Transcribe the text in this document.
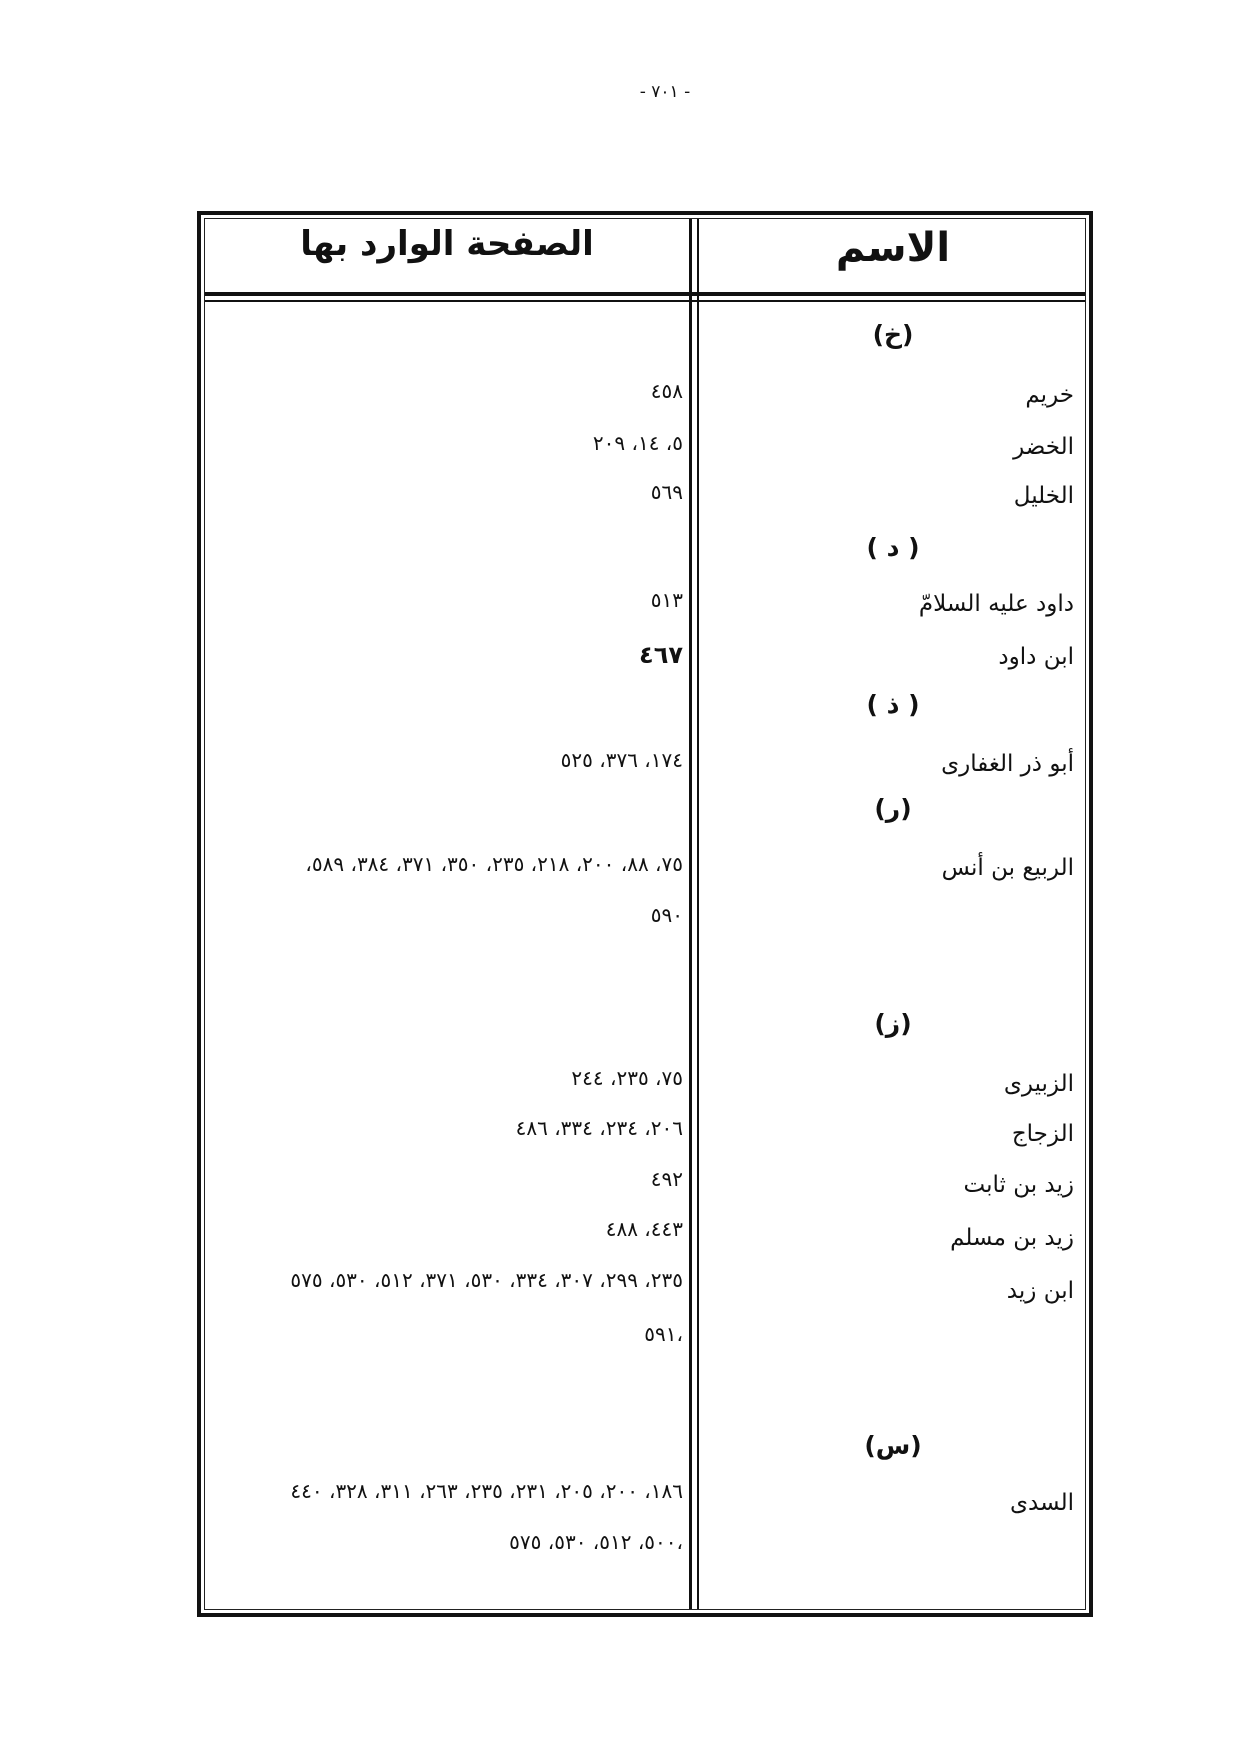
- ٧٠١ -
الاسم
الصفحة الوارد بها
(خ)
خريم
٤٥٨
الخضر
٥، ١٤، ٢٠٩
الخليل
٥٦٩
( د )
داود عليه السلامّ
٥١٣
ابن داود
٤٦٧
( ذ )
أبو ذر الغفارى
١٧٤، ٣٧٦، ٥٢٥
(ر)
الربيع بن أنس
٧٥، ٨٨، ٢٠٠، ٢١٨، ٢٣٥، ٣٥٠، ٣٧١، ٣٨٤، ٥٨٩،
٥٩٠
(ز)
الزبيرى
٧٥، ٢٣٥، ٢٤٤
الزجاج
٢٠٦، ٢٣٤، ٣٣٤، ٤٨٦
زيد بن ثابت
٤٩٢
زيد بن مسلم
٤٤٣، ٤٨٨
ابن زيد
٢٣٥، ٢٩٩، ٣٠٧، ٣٣٤، ٥٣٠، ٣٧١، ٥١٢، ٥٣٠، ٥٧٥
،٥٩١
(س)
السدى
١٨٦، ٢٠٠، ٢٠٥، ٢٣١، ٢٣٥، ٢٦٣، ٣١١، ٣٢٨، ٤٤٠
،٥٠٠، ٥١٢، ٥٣٠، ٥٧٥
